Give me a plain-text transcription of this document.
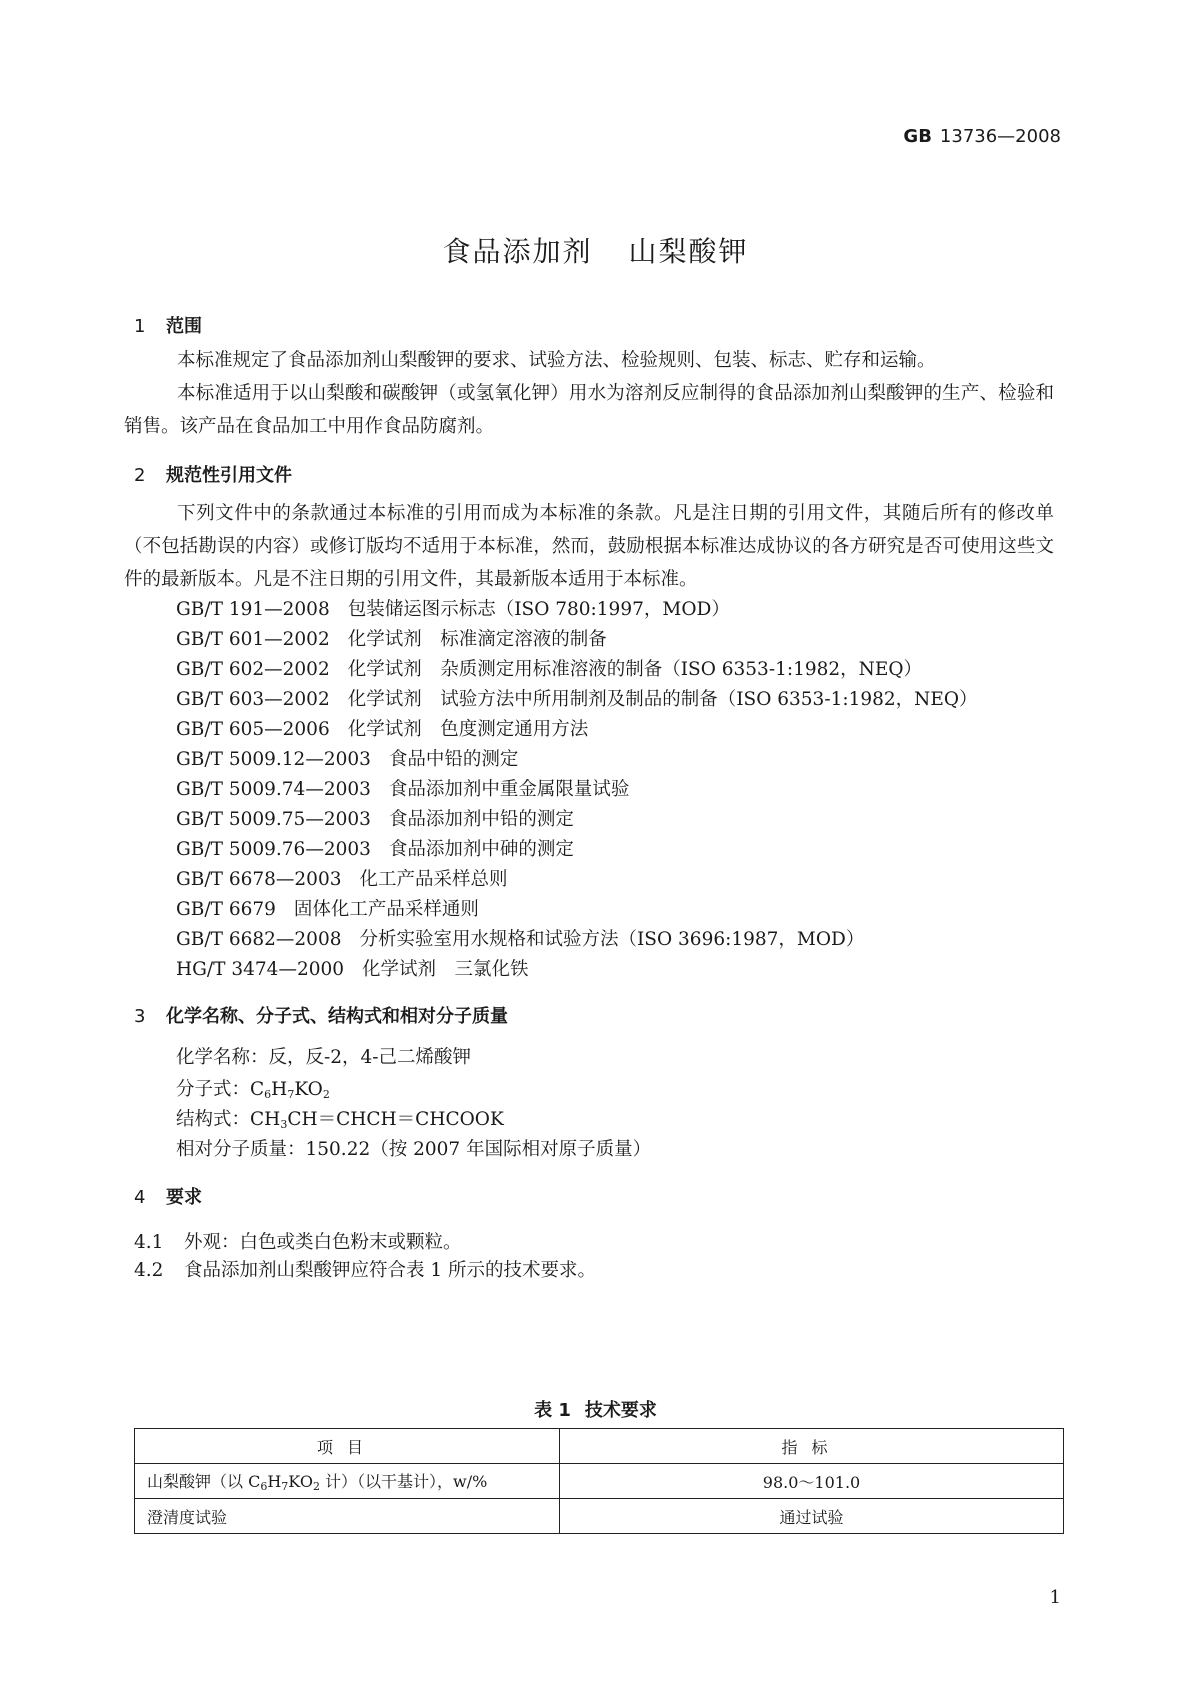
GB 13736—2008
食品添加剂 山梨酸钾
1 范围
本标准规定了食品添加剂山梨酸钾的要求、试验方法、检验规则、包装、标志、贮存和运输。
本标准适用于以山梨酸和碳酸钾（或氢氧化钾）用水为溶剂反应制得的食品添加剂山梨酸钾的生产、检验和销售。该产品在食品加工中用作食品防腐剂。
2 规范性引用文件
下列文件中的条款通过本标准的引用而成为本标准的条款。凡是注日期的引用文件，其随后所有的修改单（不包括勘误的内容）或修订版均不适用于本标准，然而，鼓励根据本标准达成协议的各方研究是否可使用这些文件的最新版本。凡是不注日期的引用文件，其最新版本适用于本标准。
GB/T 191—2008 包装储运图示标志（ISO 780:1997，MOD）
GB/T 601—2002 化学试剂　标准滴定溶液的制备
GB/T 602—2002 化学试剂　杂质测定用标准溶液的制备（ISO 6353-1:1982，NEQ）
GB/T 603—2002 化学试剂　试验方法中所用制剂及制品的制备（ISO 6353-1:1982，NEQ）
GB/T 605—2006 化学试剂　色度测定通用方法
GB/T 5009.12—2003 食品中铅的测定
GB/T 5009.74—2003 食品添加剂中重金属限量试验
GB/T 5009.75—2003 食品添加剂中铅的测定
GB/T 5009.76—2003 食品添加剂中砷的测定
GB/T 6678—2003 化工产品采样总则
GB/T 6679 固体化工产品采样通则
GB/T 6682—2008 分析实验室用水规格和试验方法（ISO 3696:1987，MOD）
HG/T 3474—2000 化学试剂　三氯化铁
3 化学名称、分子式、结构式和相对分子质量
化学名称：反，反-2，4-己二烯酸钾
分子式：$C_6H_7KO_2$
结构式：$CH_3CH=CHCH=CHCOOK$
相对分子质量：150.22（按 2007 年国际相对原子质量）
4 要求
4.1 外观：白色或类白色粉末或颗粒。
4.2 食品添加剂山梨酸钾应符合表 1 所示的技术要求。
表 1 技术要求
项目	指标
山梨酸钾（以 $C_6H_7KO_2$ 计）（以干基计），w/%	98.0～101.0
澄清度试验	通过试验
1
